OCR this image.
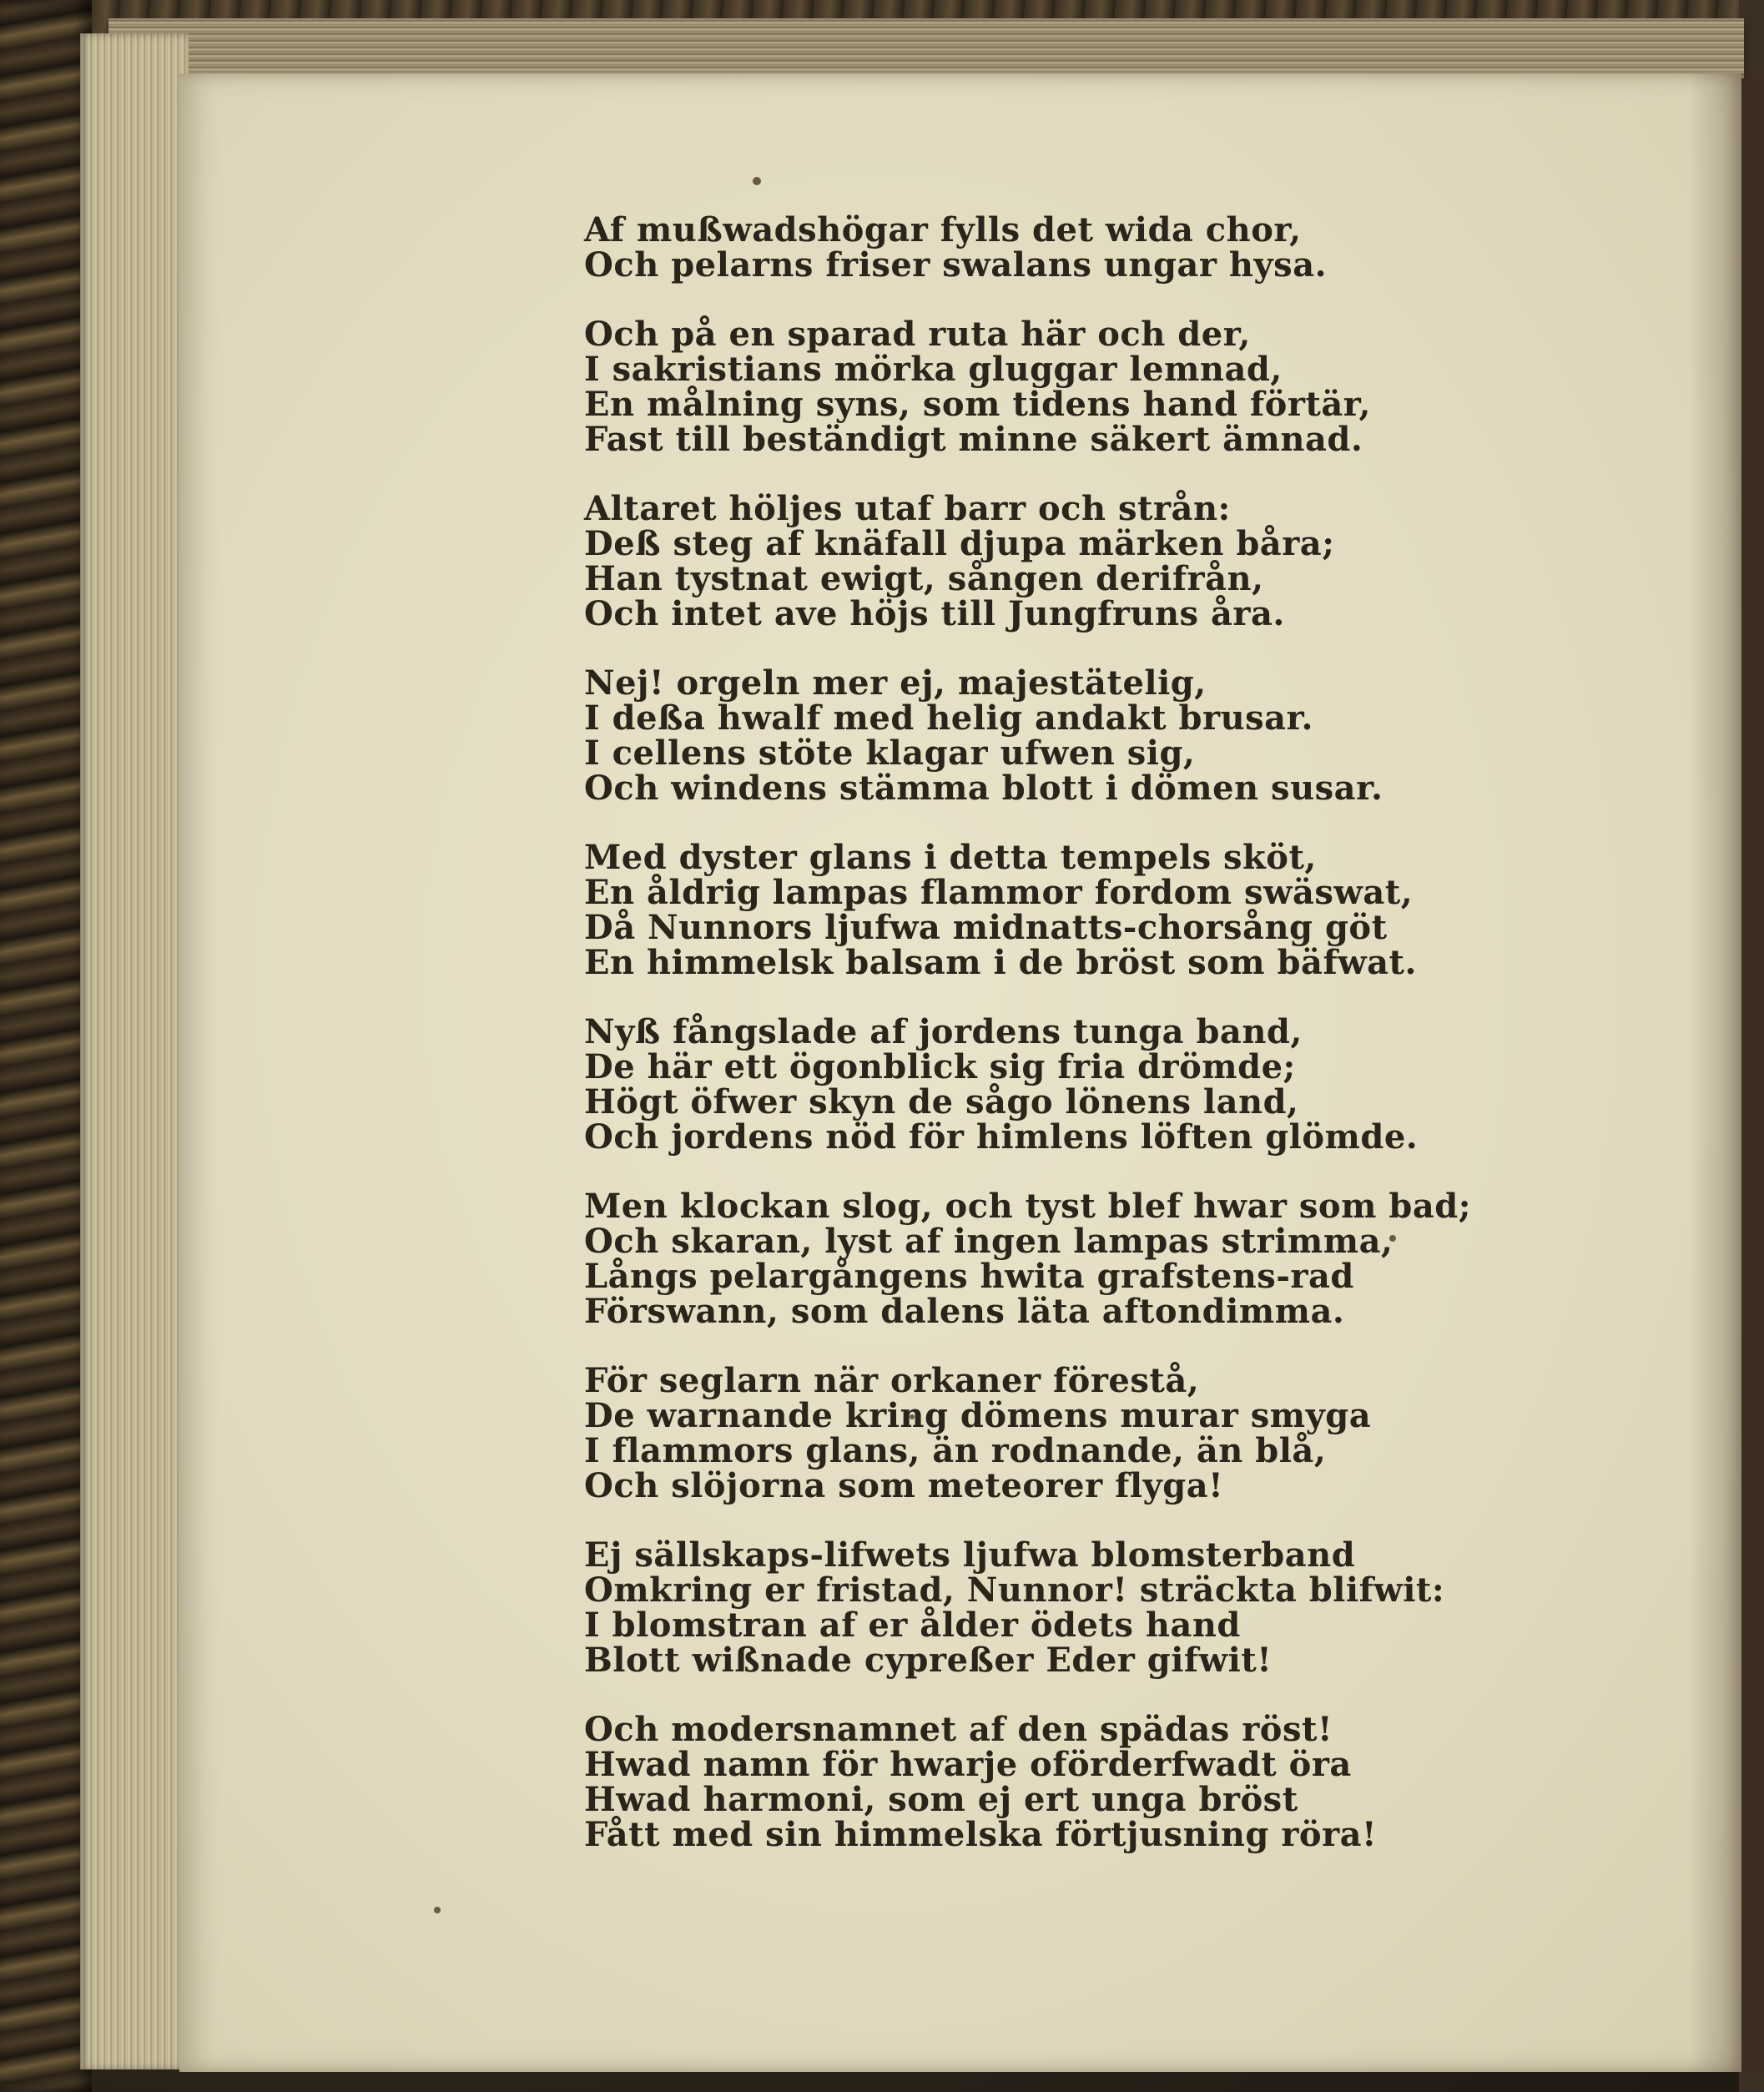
Af mußwadshögar fylls det wida chor,
Och pelarns friser swalans ungar hysa.
Och på en sparad ruta här och der,
I sakristians mörka gluggar lemnad,
En målning syns, som tidens hand förtär,
Fast till beständigt minne säkert ämnad.
Altaret höljes utaf barr och strån:
Deß steg af knäfall djupa märken båra;
Han tystnat ewigt, sången derifrån,
Och intet ave höjs till Jungfruns åra.
Nej! orgeln mer ej, majestätelig,
I deßa hwalf med helig andakt brusar.
I cellens stöte klagar ufwen sig,
Och windens stämma blott i dömen susar.
Med dyster glans i detta tempels sköt,
En åldrig lampas flammor fordom swäswat,
Då Nunnors ljufwa midnatts-chorsång göt
En himmelsk balsam i de bröst som bäfwat.
Nyß fångslade af jordens tunga band,
De här ett ögonblick sig fria drömde;
Högt öfwer skyn de sågo lönens land,
Och jordens nöd för himlens löften glömde.
Men klockan slog, och tyst blef hwar som bad;
Och skaran, lyst af ingen lampas strimma,
Långs pelargångens hwita grafstens-rad
Förswann, som dalens läta aftondimma.
För seglarn när orkaner förestå,
De warnande kring dömens murar smyga
I flammors glans, än rodnande, än blå,
Och slöjorna som meteorer flyga!
Ej sällskaps-lifwets ljufwa blomsterband
Omkring er fristad, Nunnor! sträckta blifwit:
I blomstran af er ålder ödets hand
Blott wißnade cypreßer Eder gifwit!
Och modersnamnet af den spädas röst!
Hwad namn för hwarje oförderfwadt öra
Hwad harmoni, som ej ert unga bröst
Fått med sin himmelska förtjusning röra!
